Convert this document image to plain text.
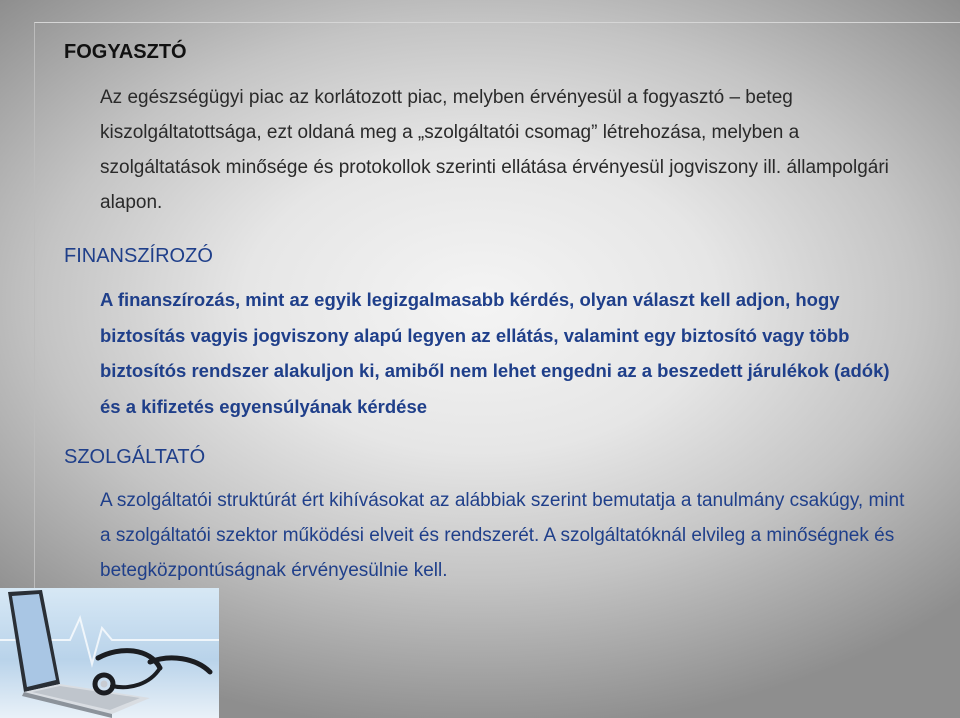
FOGYASZTÓ

Az egészségügyi piac az korlátozott piac, melyben érvényesül a fogyasztó – beteg kiszolgáltatottsága, ezt oldaná meg a „szolgáltatói csomag” létrehozása, melyben a szolgáltatások minősége és protokollok szerinti ellátása érvényesül jogviszony ill. állampolgári alapon.

FINANSZÍROZÓ

A finanszírozás, mint az egyik legizgalmasabb kérdés, olyan választ kell adjon, hogy biztosítás vagyis jogviszony alapú legyen az ellátás, valamint egy biztosító vagy több biztosítós rendszer alakuljon ki, amiből nem lehet engedni az a beszedett járulékok (adók) és a kifizetés egyensúlyának kérdése

SZOLGÁLTATÓ

A szolgáltatói struktúrát ért kihívásokat az alábbiak szerint bemutatja a tanulmány csakúgy, mint a szolgáltatói szektor működési elveit és rendszerét. A szolgáltatóknál elvileg a minőségnek és betegközpontúságnak érvényesülnie kell.
